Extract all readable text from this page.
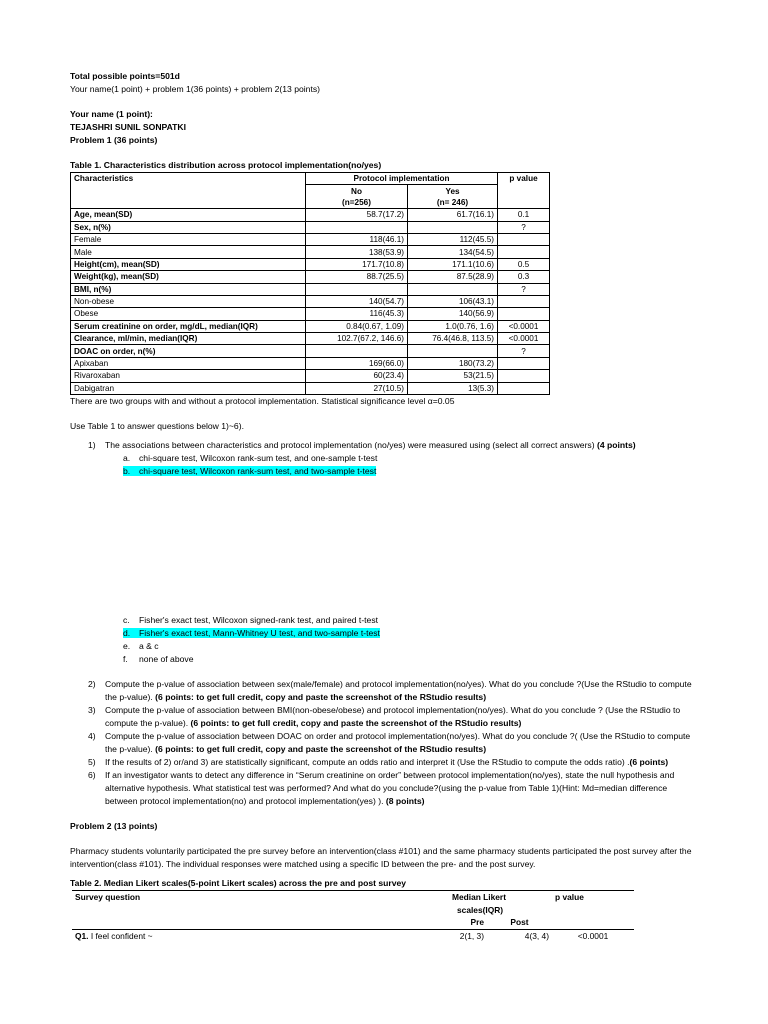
Total possible points=501d
Your name(1 point) + problem 1(36 points) + problem 2(13 points)
Your name (1 point):
TEJASHRI SUNIL SONPATKI
Problem 1 (36 points)
Table 1. Characteristics distribution across protocol implementation(no/yes)
Characteristics	Protocol implementation		p value
	No	Yes	
	(n=256)	(n= 246)	
Age, mean(SD)	58.7(17.2)	61.7(16.1)	0.1
Sex, n(%)			?
Female	118(46.1)	112(45.5)	
Male	138(53.9)	134(54.5)	
Height(cm), mean(SD)	171.7(10.8)	171.1(10.6)	0.5
Weight(kg), mean(SD)	88.7(25.5)	87.5(28.9)	0.3
BMI, n(%)			?
Non-obese	140(54.7)	106(43.1)	
Obese	116(45.3)	140(56.9)	
Serum creatinine on order, mg/dL, median(IQR)	0.84(0.67, 1.09)	1.0(0.76, 1.6)	<0.0001
Clearance, ml/min, median(IQR)	102.7(67.2, 146.6)	76.4(46.8, 113.5)	<0.0001
DOAC on order, n(%)			?
Apixaban	169(66.0)	180(73.2)	
Rivaroxaban	60(23.4)	53(21.5)	
Dabigatran	27(10.5)	13(5.3)	
There are two groups with and without a protocol implementation. Statistical significance level α=0.05
Use Table 1 to answer questions below 1)~6).
1)	The associations between characteristics and protocol implementation (no/yes) were measured using (select all correct answers) (4 points)
a. chi-square test, Wilcoxon rank-sum test, and one-sample t-test
b. chi-square test, Wilcoxon rank-sum test, and two-sample t-test
c. Fisher's exact test, Wilcoxon signed-rank test, and paired t-test
d. Fisher's exact test, Mann-Whitney U test, and two-sample t-test
e. a & c
f. none of above
2)	Compute the p-value of association between sex(male/female) and protocol implementation(no/yes). What do you conclude ?(Use the RStudio to compute the p-value). (6 points: to get full credit, copy and paste the screenshot of the RStudio results)
3)	Compute the p-value of association between BMI(non-obese/obese) and protocol implementation(no/yes). What do you conclude ? (Use the RStudio to compute the p-value). (6 points: to get full credit, copy and paste the screenshot of the RStudio results)
4)	Compute the p-value of association between DOAC on order and protocol implementation(no/yes). What do you conclude ?( (Use the RStudio to compute the p-value). (6 points: to get full credit, copy and paste the screenshot of the RStudio results)
5)	If the results of 2) or/and 3) are statistically significant, compute an odds ratio and interpret it (Use the RStudio to compute the odds ratio) .(6 points)
6)	If an investigator wants to detect any difference in “Serum creatinine on order” between protocol implementation(no/yes), state the null hypothesis and alternative hypothesis. What statistical test was performed? And what do you conclude?(using the p-value from Table 1)(Hint: Md=median difference between protocol implementation(no) and protocol implementation(yes) ). (8 points)
Problem 2 (13 points)
Pharmacy students voluntarily participated the pre survey before an intervention(class #101) and the same pharmacy students participated the post survey after the intervention(class #101). The individual responses were matched using a specific ID between the pre- and the post survey.
Table 2. Median Likert scales(5-point Likert scales) across the pre and post survey
Survey question	Median Likert		p value
	scales(IQR)		
	Pre	Post	
Q1. I feel confident ~	2(1, 3)	4(3, 4)	<0.0001
